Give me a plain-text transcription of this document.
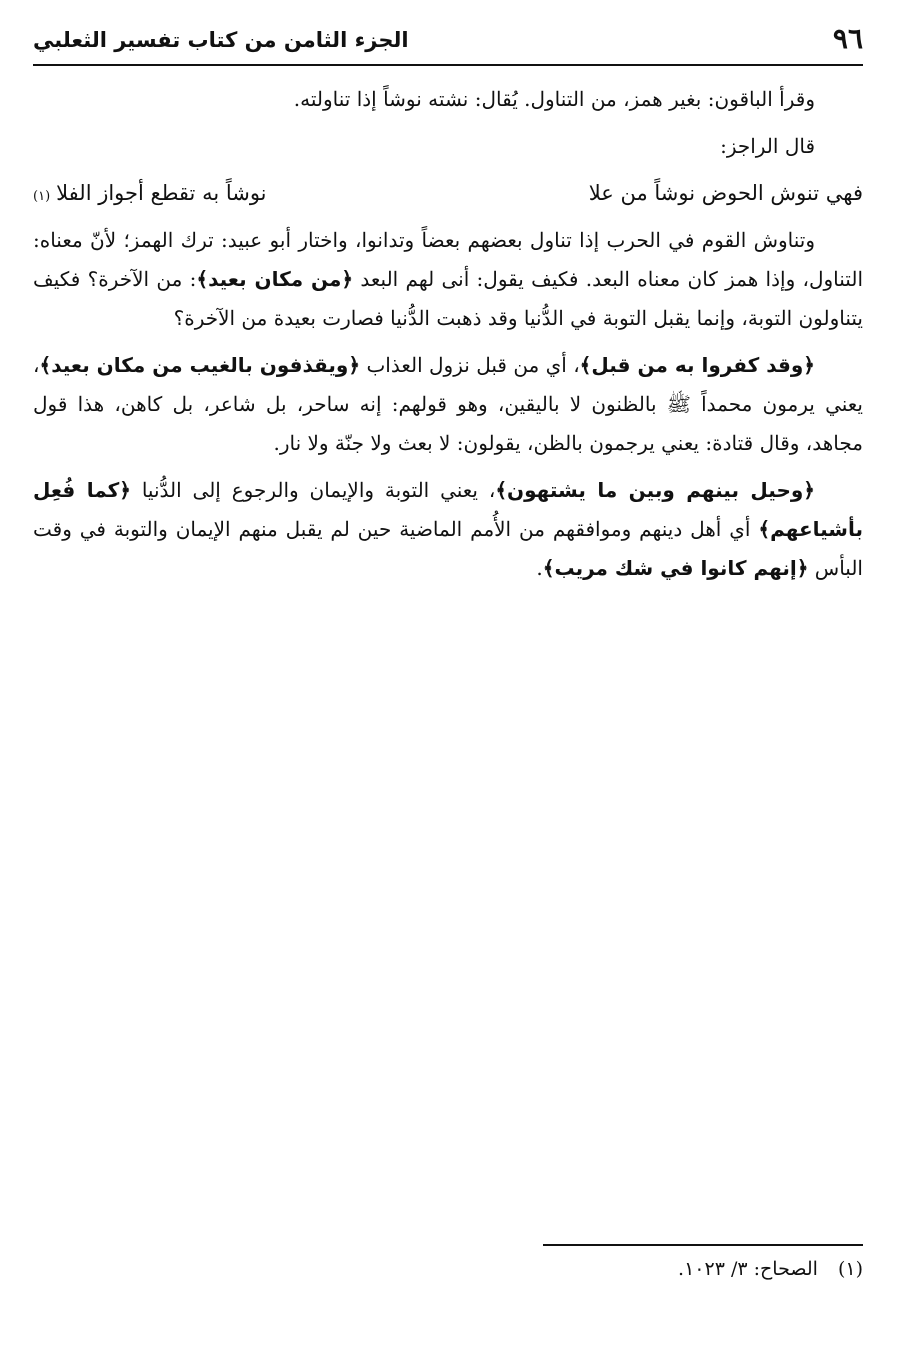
٩٦
الجزء الثامن من كتاب تفسير الثعلبي

وقرأ الباقون: بغير همز، من التناول. يُقال: نشته نوشاً إذا تناولته.

قال الراجز:

فهي تنوش الحوض نوشاً من علا
نوشاً به تقطع أجواز الفلا
(١)

وتناوش القوم في الحرب إذا تناول بعضهم بعضاً وتدانوا، واختار أبو عبيد: ترك الهمز؛ لأنّ معناه: التناول، وإذا همز كان معناه البعد. فكيف يقول: أنى لهم البعد ﴿من مكان بعيد﴾: من الآخرة؟ فكيف يتناولون التوبة، وإنما يقبل التوبة في الدُّنيا وقد ذهبت الدُّنيا فصارت بعيدة من الآخرة؟

﴿وقد كفروا به من قبل﴾، أي من قبل نزول العذاب ﴿ويقذفون بالغيب من مكان بعيد﴾، يعني يرمون محمداً ﷺ بالظنون لا باليقين، وهو قولهم: إنه ساحر، بل شاعر، بل كاهن، هذا قول مجاهد، وقال قتادة: يعني يرجمون بالظن، يقولون: لا بعث ولا جنّة ولا نار.

﴿وحيل بينهم وبين ما يشتهون﴾، يعني التوبة والإيمان والرجوع إلى الدُّنيا ﴿كما فُعِل بأشياعهم﴾ أي أهل دينهم وموافقهم من الأُمم الماضية حين لم يقبل منهم الإيمان والتوبة في وقت البأس ﴿إنهم كانوا في شك مريب﴾.

(١) الصحاح: ٣/ ١٠٢٣.
